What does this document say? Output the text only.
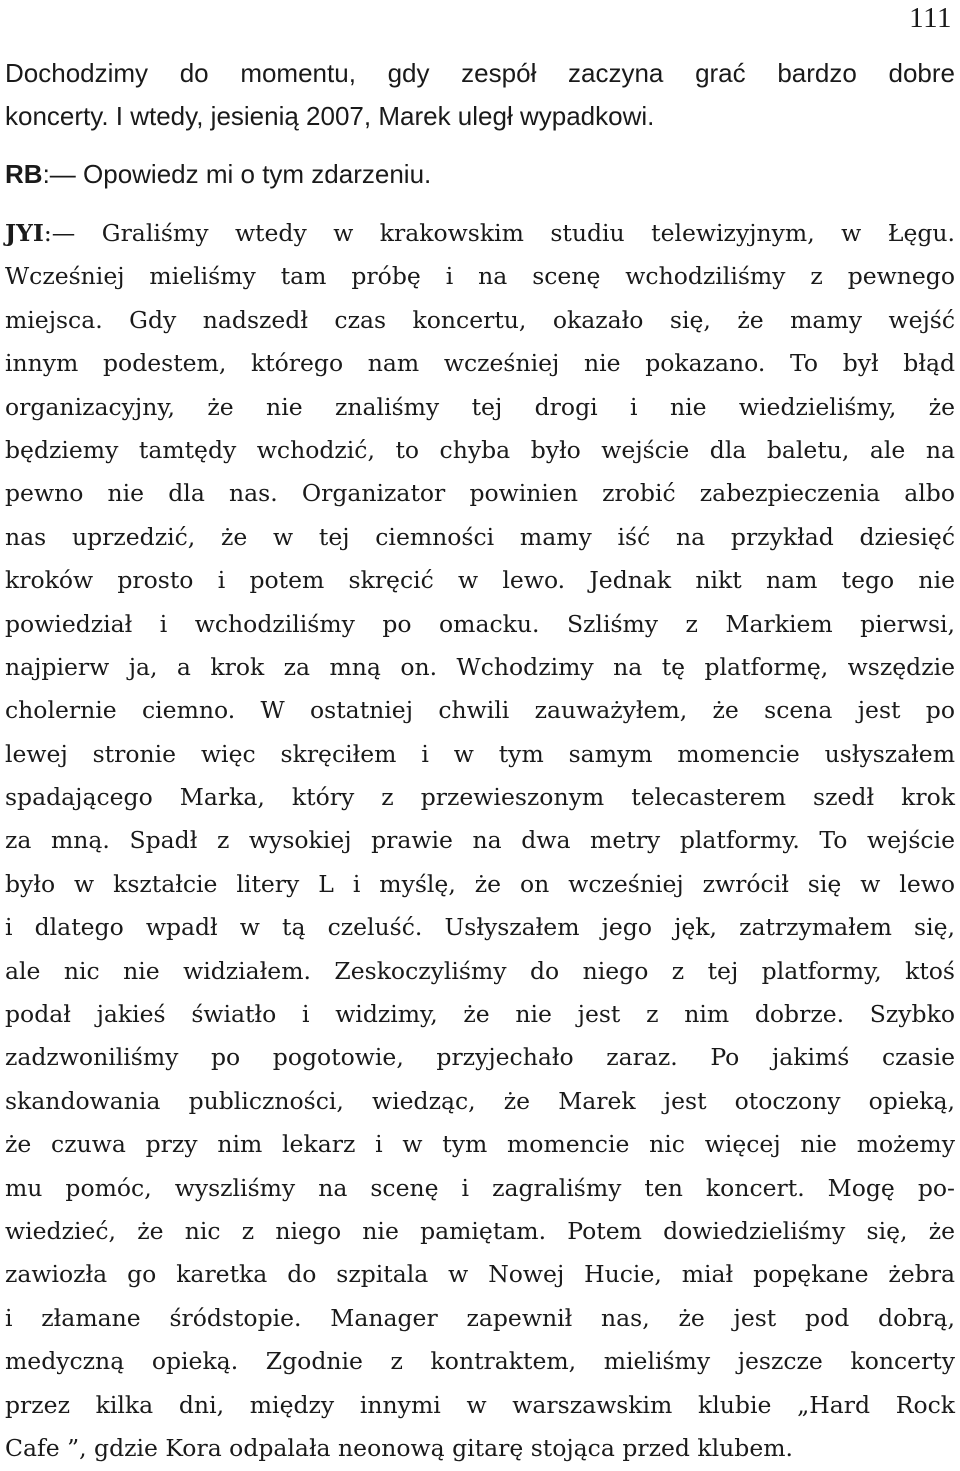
111
Dochodzimy do momentu, gdy zespół zaczyna grać bardzo dobre
koncerty. I wtedy, jesienią 2007, Marek uległ wypadkowi.
RB:— Opowiedz mi o tym zdarzeniu.
JYI:— Graliśmy wtedy w krakowskim studiu telewizyjnym, w Łęgu.
Wcześniej mieliśmy tam próbę i na scenę wchodziliśmy z pewnego
miejsca. Gdy nadszedł czas koncertu, okazało się, że mamy wejść
innym podestem, którego nam wcześniej nie pokazano. To był błąd
organizacyjny, że nie znaliśmy tej drogi i nie wiedzieliśmy, że
będziemy tamtędy wchodzić, to chyba było wejście dla baletu, ale na
pewno nie dla nas. Organizator powinien zrobić zabezpieczenia albo
nas uprzedzić, że w tej ciemności mamy iść na przykład dziesięć
kroków prosto i potem skręcić w lewo. Jednak nikt nam tego nie
powiedział i wchodziliśmy po omacku. Szliśmy z Markiem pierwsi,
najpierw ja, a krok za mną on. Wchodzimy na tę platformę, wszędzie
cholernie ciemno. W ostatniej chwili zauważyłem, że scena jest po
lewej stronie więc skręciłem i w tym samym momencie usłyszałem
spadającego Marka, który z przewieszonym telecasterem szedł krok
za mną. Spadł z wysokiej prawie na dwa metry platformy. To wejście
było w kształcie litery L i myślę, że on wcześniej zwrócił się w lewo
i dlatego wpadł w tą czeluść. Usłyszałem jego jęk, zatrzymałem się,
ale nic nie widziałem. Zeskoczyliśmy do niego z tej platformy, ktoś
podał jakieś światło i widzimy, że nie jest z nim dobrze. Szybko
zadzwoniliśmy po pogotowie, przyjechało zaraz. Po jakimś czasie
skandowania publiczności, wiedząc, że Marek jest otoczony opieką,
że czuwa przy nim lekarz i w tym momencie nic więcej nie możemy
mu pomóc, wyszliśmy na scenę i zagraliśmy ten koncert. Mogę po-
wiedzieć, że nic z niego nie pamiętam. Potem dowiedzieliśmy się, że
zawiozła go karetka do szpitala w Nowej Hucie, miał popękane żebra
i złamane śródstopie. Manager zapewnił nas, że jest pod dobrą,
medyczną opieką. Zgodnie z kontraktem, mieliśmy jeszcze koncerty
przez kilka dni, między innymi w warszawskim klubie „Hard Rock
Cafe ”, gdzie Kora odpalała neonową gitarę stojąca przed klubem.
